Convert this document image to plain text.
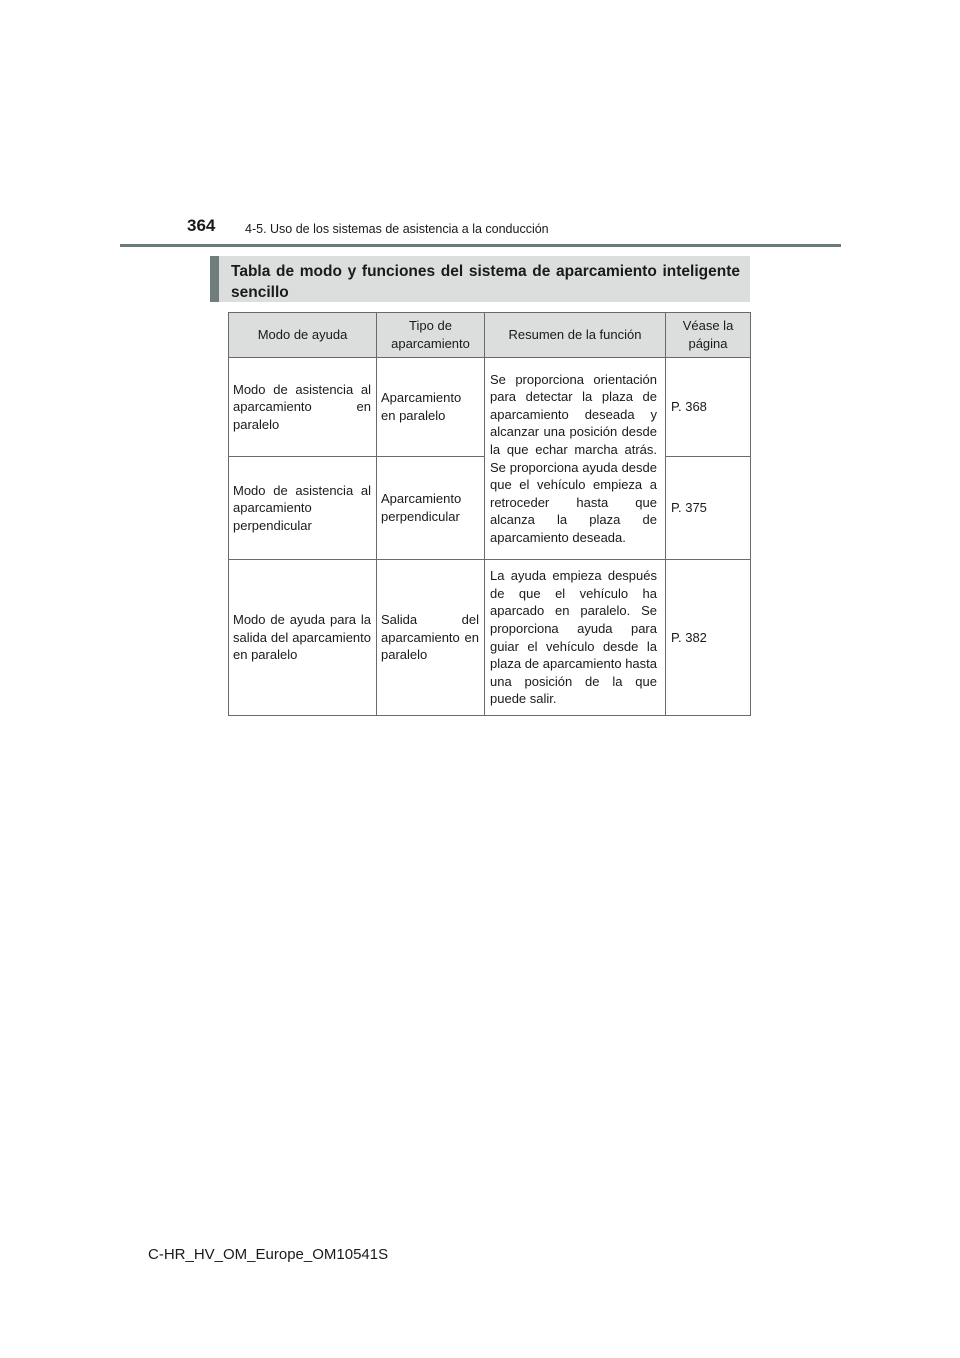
364 4-5. Uso de los sistemas de asistencia a la conducción
Tabla de modo y funciones del sistema de aparcamiento inteligente sencillo
Modo de ayuda	Tipo de aparcamiento	Resumen de la función	Véase la página
Modo de asistencia al aparcamiento en paralelo	Aparcamiento en paralelo	Se proporciona orientación para detectar la plaza de aparcamiento deseada y alcanzar una posición desde la que echar marcha atrás. Se proporciona ayuda desde que el vehículo empieza a retroceder hasta que alcanza la plaza de aparcamiento deseada.	P. 368
Modo de asistencia al aparcamiento perpendicular	Aparcamiento perpendicular		P. 375
Modo de ayuda para la salida del aparcamiento en paralelo	Salida del aparcamiento en paralelo	La ayuda empieza después de que el vehículo ha aparcado en paralelo. Se proporciona ayuda para guiar el vehículo desde la plaza de aparcamiento hasta una posición de la que puede salir.	P. 382
C-HR_HV_OM_Europe_OM10541S
